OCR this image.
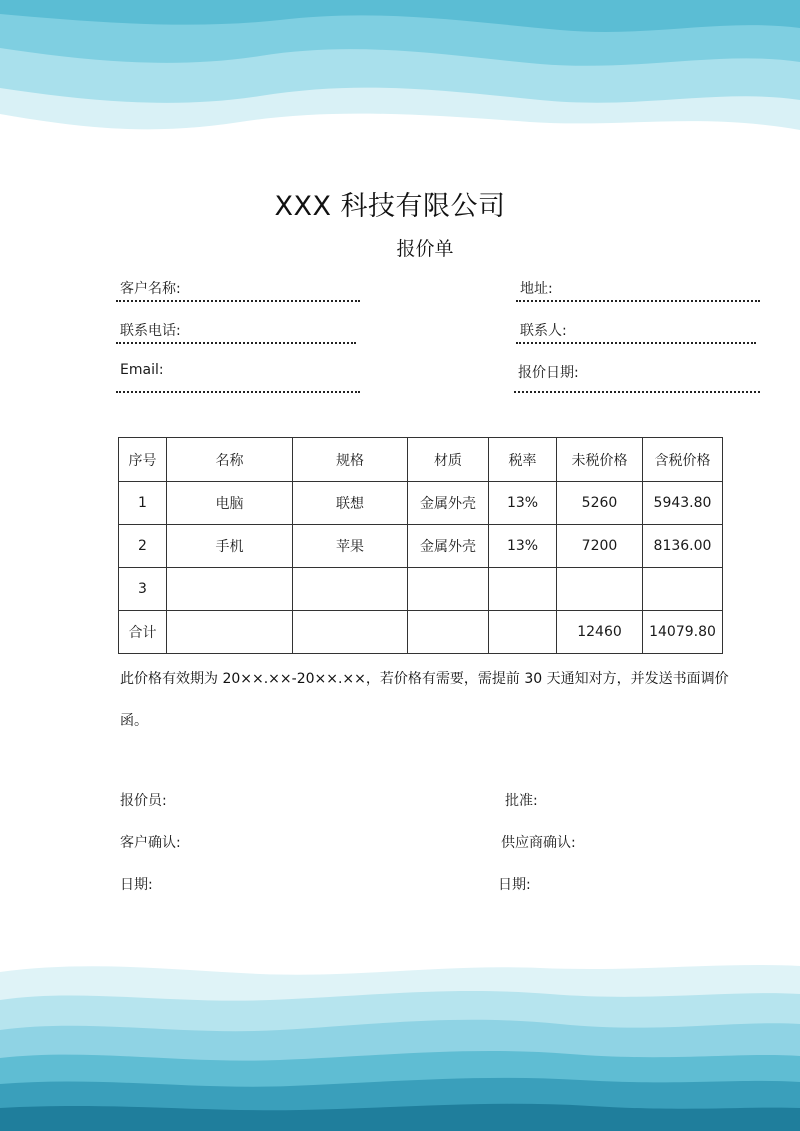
XXX 科技有限公司
报价单
客户名称:	地址:
联系电话:	联系人:
Email:	报价日期:
序号	名称	规格	材质	税率	未税价格	含税价格
1	电脑	联想	金属外壳	13%	5260	5943.80
2	手机	苹果	金属外壳	13%	7200	8136.00
3						
合计					12460	14079.80
此价格有效期为 20××.××-20××.××，若价格有需要，需提前 30 天通知对方，并发送书面调价函。
报价员:	批准:
客户确认:	供应商确认:
日期:	日期:
